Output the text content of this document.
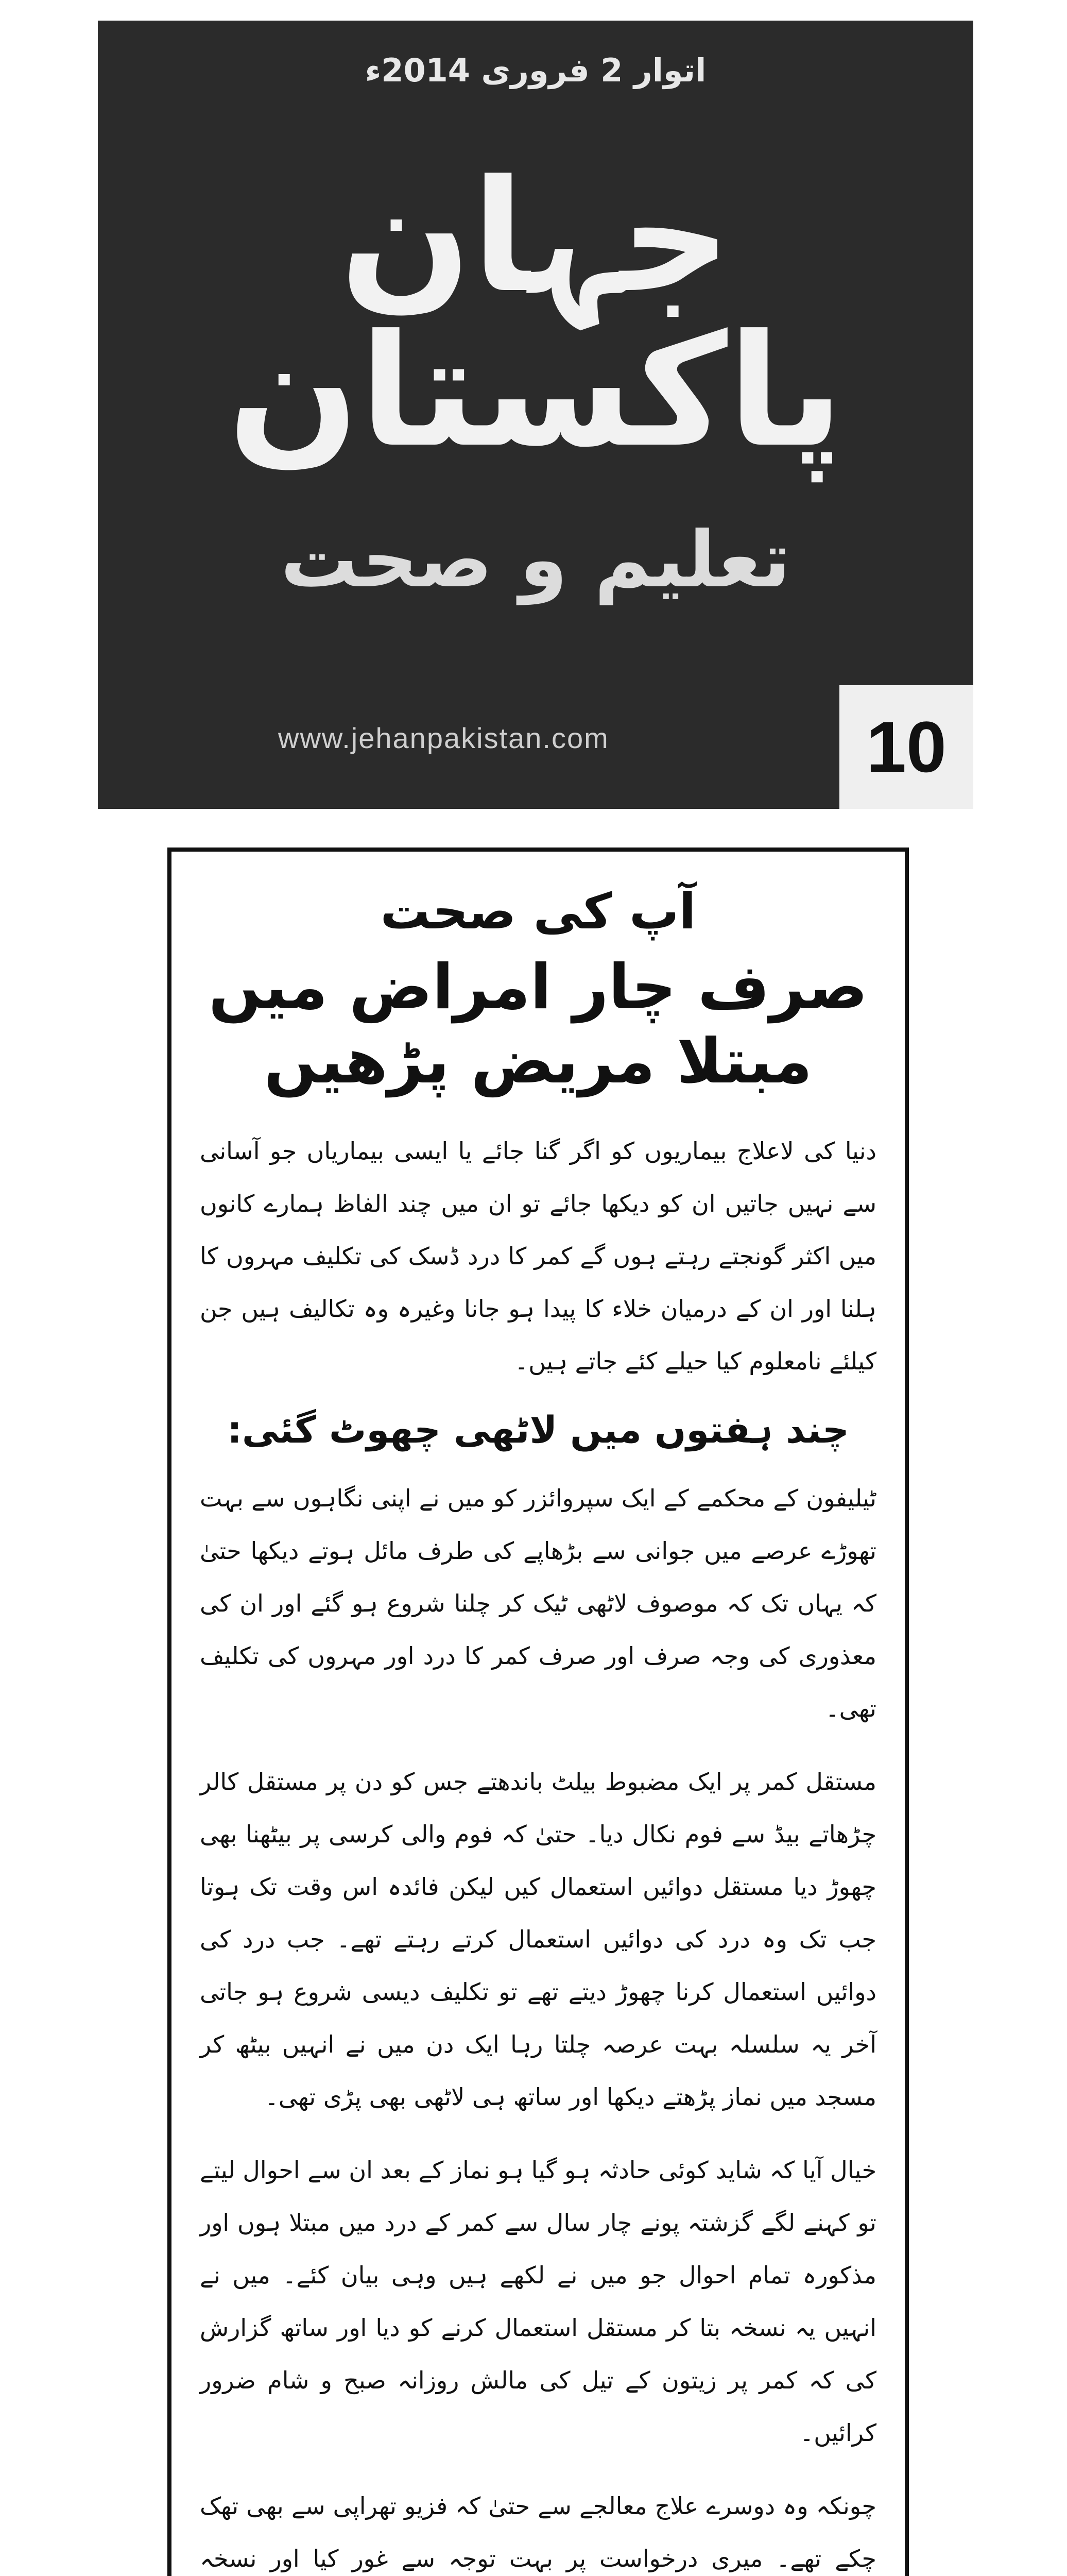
اتوار 2 فروری 2014ء
جہان پاکستان
تعلیم و صحت
www.jehanpakistan.com	10
آپ کی صحت
صرف چار امراض میں مبتلا مریض پڑھیں
دنیا کی لاعلاج بیماریوں کو اگر گنا جائے یا ایسی بیماریاں جو آسانی سے نہیں جاتیں ان کو دیکھا جائے تو ان میں چند الفاظ ہمارے کانوں میں اکثر گونجتے رہتے ہوں گے کمر کا درد ڈسک کی تکلیف مہروں کا ہلنا اور ان کے درمیان خلاء کا پیدا ہو جانا وغیرہ وہ تکالیف ہیں جن کیلئے نامعلوم کیا حیلے کئے جاتے ہیں۔
چند ہفتوں میں لاٹھی چھوٹ گئی:
ٹیلیفون کے محکمے کے ایک سپروائزر کو میں نے اپنی نگاہوں سے بہت تھوڑے عرصے میں جوانی سے بڑھاپے کی طرف مائل ہوتے دیکھا حتیٰ کہ یہاں تک کہ موصوف لاٹھی ٹیک کر چلنا شروع ہو گئے اور ان کی معذوری کی وجہ صرف اور صرف کمر کا درد اور مہروں کی تکلیف تھی۔
مستقل کمر پر ایک مضبوط بیلٹ باندھتے جس کو دن پر مستقل کالر چڑھاتے بیڈ سے فوم نکال دیا۔ حتیٰ کہ فوم والی کرسی پر بیٹھنا بھی چھوڑ دیا مستقل دوائیں استعمال کیں لیکن فائدہ اس وقت تک ہوتا جب تک وہ درد کی دوائیں استعمال کرتے رہتے تھے۔ جب درد کی دوائیں استعمال کرنا چھوڑ دیتے تھے تو تکلیف دیسی شروع ہو جاتی آخر یہ سلسلہ بہت عرصہ چلتا رہا ایک دن میں نے انہیں بیٹھ کر مسجد میں نماز پڑھتے دیکھا اور ساتھ ہی لاٹھی بھی پڑی تھی۔
خیال آیا کہ شاید کوئی حادثہ ہو گیا ہو نماز کے بعد ان سے احوال لیتے تو کہنے لگے گزشتہ پونے چار سال سے کمر کے درد میں مبتلا ہوں اور مذکورہ تمام احوال جو میں نے لکھے ہیں وہی بیان کئے۔ میں نے انہیں یہ نسخہ بتا کر مستقل استعمال کرنے کو دیا اور ساتھ گزارش کی کہ کمر پر زیتون کے تیل کی مالش روزانہ صبح و شام ضرور کرائیں۔
چونکہ وہ دوسرے علاج معالجے سے حتیٰ کہ فزیو تھراپی سے بھی تھک چکے تھے۔ میری درخواست پر بہت توجہ سے غور کیا اور نسخہ
